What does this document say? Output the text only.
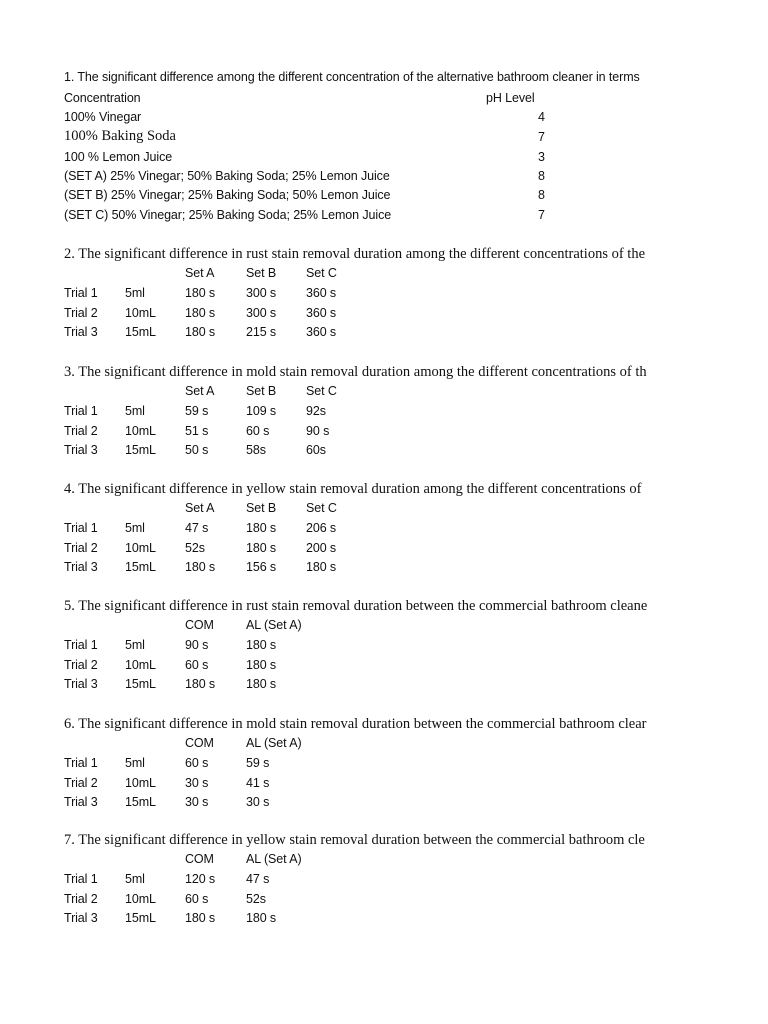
1. The significant difference among the different concentration of the alternative bathroom cleaner in terms
Concentration	pH Level
100% Vinegar	4
100% Baking Soda	7
100 % Lemon Juice	3
(SET A) 25% Vinegar; 50% Baking Soda; 25% Lemon Juice	8
(SET B) 25% Vinegar; 25% Baking Soda; 50% Lemon Juice	8
(SET C) 50% Vinegar; 25% Baking Soda; 25% Lemon Juice	7
2. The significant difference in rust stain removal duration among the different concentrations of the
Set A	Set B Set C
Trial 1 5ml	180 s 300 s 360 s
Trial 2 10mL 180 s 300 s 360 s
Trial 3 15mL 180 s 215 s 360 s
3. The significant difference in mold stain removal duration among the different concentrations of th
Set A	Set B Set C
Trial 1 5ml	59 s	109 s 92s
Trial 2 10mL 51 s	60 s	90 s
Trial 3 15mL 50 s	58s	60s
4. The significant difference in yellow stain removal duration among the different concentrations of
Set A	Set B Set C
Trial 1 5ml	47 s	180 s 206 s
Trial 2 10mL 52s	180 s 200 s
Trial 3 15mL 180 s 156 s 180 s
5. The significant difference in rust stain removal duration between the commercial bathroom cleane
COM	AL (Set A)
Trial 1 5ml	90 s	180 s
Trial 2 10mL 60 s	180 s
Trial 3 15mL 180 s 180 s
6. The significant difference in mold stain removal duration between the commercial bathroom clear
COM	AL (Set A)
Trial 1 5ml	60 s	59 s
Trial 2 10mL 30 s	41 s
Trial 3 15mL 30 s	30 s
7. The significant difference in yellow stain removal duration between the commercial bathroom cle
COM	AL (Set A)
Trial 1 5ml	120 s 47 s
Trial 2 10mL 60 s	52s
Trial 3 15mL 180 s 180 s
